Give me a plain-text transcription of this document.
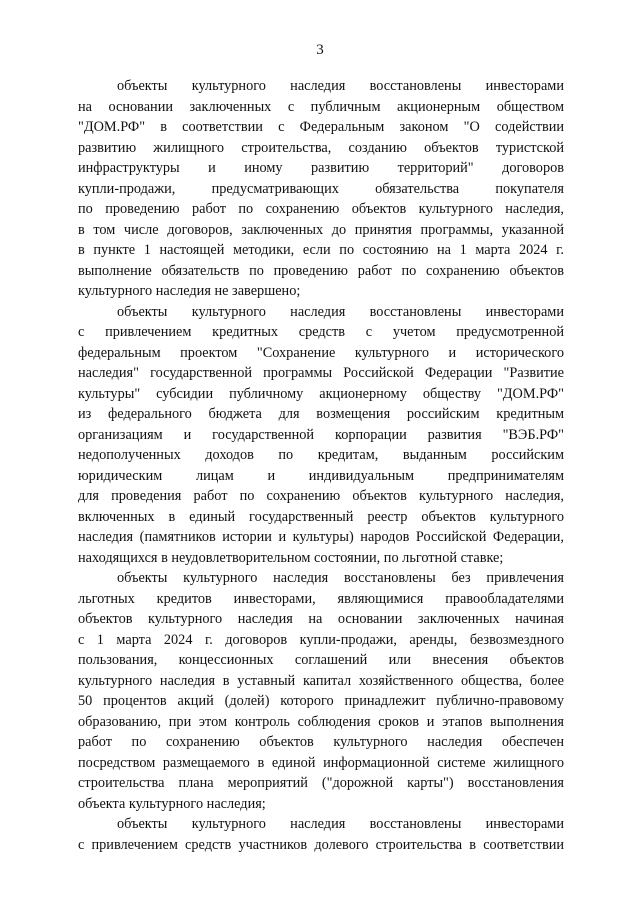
3
объекты культурного наследия восстановлены инвесторами
на основании заключенных с публичным акционерным обществом
"ДОМ.РФ" в соответствии с Федеральным законом "О содействии
развитию жилищного строительства, созданию объектов туристской
инфраструктуры и иному развитию территорий" договоров
купли-продажи, предусматривающих обязательства покупателя
по проведению работ по сохранению объектов культурного наследия,
в том числе договоров, заключенных до принятия программы, указанной
в пункте 1 настоящей методики, если по состоянию на 1 марта 2024 г.
выполнение обязательств по проведению работ по сохранению объектов
культурного наследия не завершено;
объекты культурного наследия восстановлены инвесторами
с привлечением кредитных средств с учетом предусмотренной
федеральным проектом "Сохранение культурного и исторического
наследия" государственной программы Российской Федерации "Развитие
культуры" субсидии публичному акционерному обществу "ДОМ.РФ"
из федерального бюджета для возмещения российским кредитным
организациям и государственной корпорации развития "ВЭБ.РФ"
недополученных доходов по кредитам, выданным российским
юридическим лицам и индивидуальным предпринимателям
для проведения работ по сохранению объектов культурного наследия,
включенных в единый государственный реестр объектов культурного
наследия (памятников истории и культуры) народов Российской Федерации,
находящихся в неудовлетворительном состоянии, по льготной ставке;
объекты культурного наследия восстановлены без привлечения
льготных кредитов инвесторами, являющимися правообладателями
объектов культурного наследия на основании заключенных начиная
с 1 марта 2024 г. договоров купли-продажи, аренды, безвозмездного
пользования, концессионных соглашений или внесения объектов
культурного наследия в уставный капитал хозяйственного общества, более
50 процентов акций (долей) которого принадлежит публично-правовому
образованию, при этом контроль соблюдения сроков и этапов выполнения
работ по сохранению объектов культурного наследия обеспечен
посредством размещаемого в единой информационной системе жилищного
строительства плана мероприятий ("дорожной карты") восстановления
объекта культурного наследия;
объекты культурного наследия восстановлены инвесторами
с привлечением средств участников долевого строительства в соответствии
